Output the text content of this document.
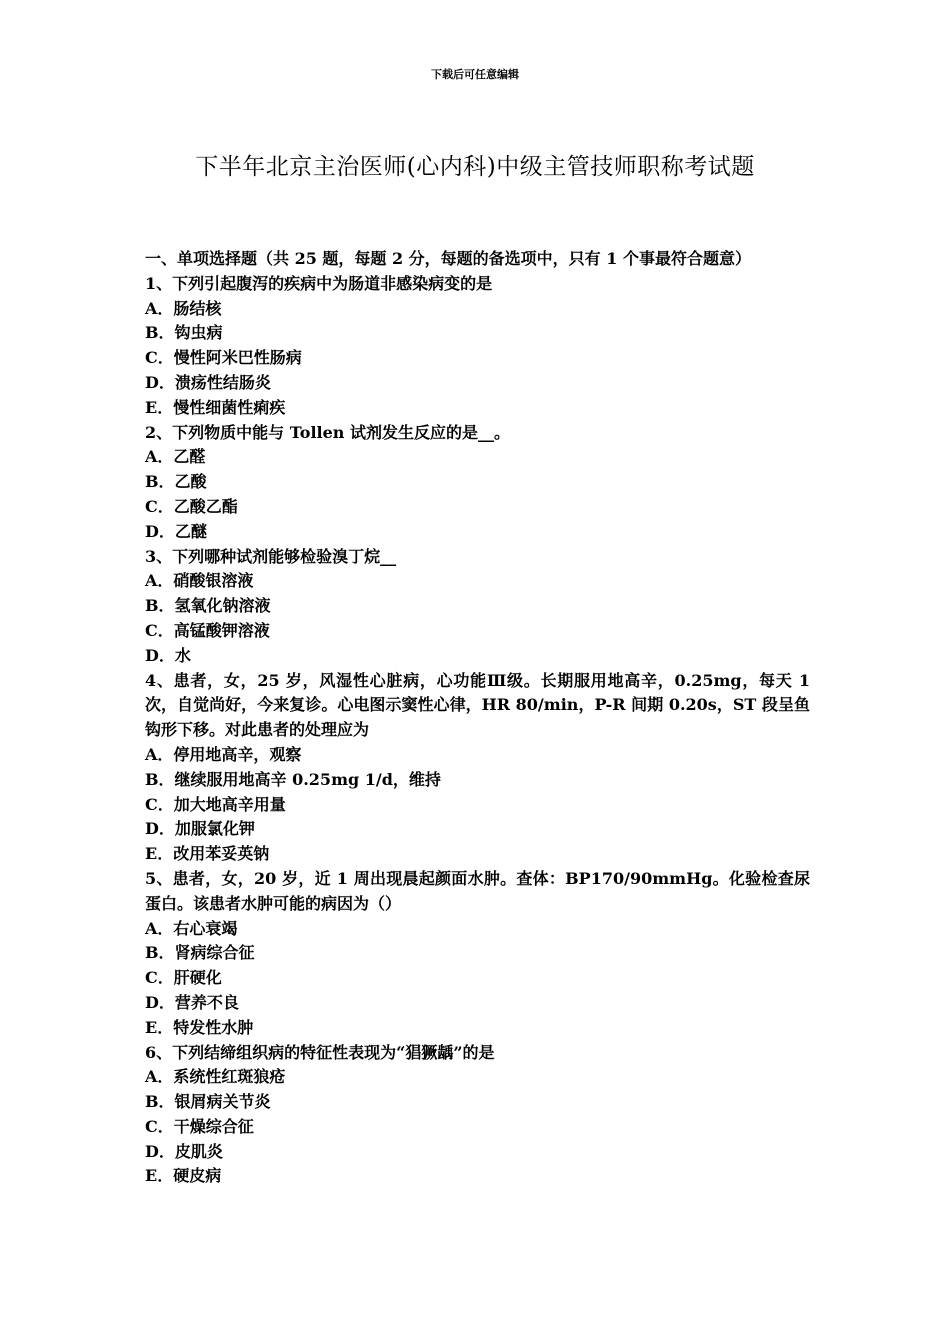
下载后可任意编辑
下半年北京主治医师(心内科)中级主管技师职称考试题
一、单项选择题（共 25 题，每题 2 分，每题的备选项中，只有 1 个事最符合题意）
1、下列引起腹泻的疾病中为肠道非感染病变的是
A．肠结核
B．钩虫病
C．慢性阿米巴性肠病
D．溃疡性结肠炎
E．慢性细菌性痢疾
2、下列物质中能与 Tollen 试剂发生反应的是__。
A．乙醛
B．乙酸
C．乙酸乙酯
D．乙醚
3、下列哪种试剂能够检验溴丁烷__
A．硝酸银溶液
B．氢氧化钠溶液
C．高锰酸钾溶液
D．水
4、患者，女，25 岁，风湿性心脏病，心功能Ⅲ级。长期服用地高辛，0.25mg，每天 1 次，自觉尚好，今来复诊。心电图示窦性心律，HR 80/min，P-R 间期 0.20s，ST 段呈鱼钩形下移。对此患者的处理应为
A．停用地高辛，观察
B．继续服用地高辛 0.25mg 1/d，维持
C．加大地高辛用量
D．加服氯化钾
E．改用苯妥英钠
5、患者，女，20 岁，近 1 周出现晨起颜面水肿。查体：BP170/90mmHg。化验检查尿蛋白。该患者水肿可能的病因为（）
A．右心衰竭
B．肾病综合征
C．肝硬化
D．营养不良
E．特发性水肿
6、下列结缔组织病的特征性表现为“猖獗龋”的是
A．系统性红斑狼疮
B．银屑病关节炎
C．干燥综合征
D．皮肌炎
E．硬皮病
